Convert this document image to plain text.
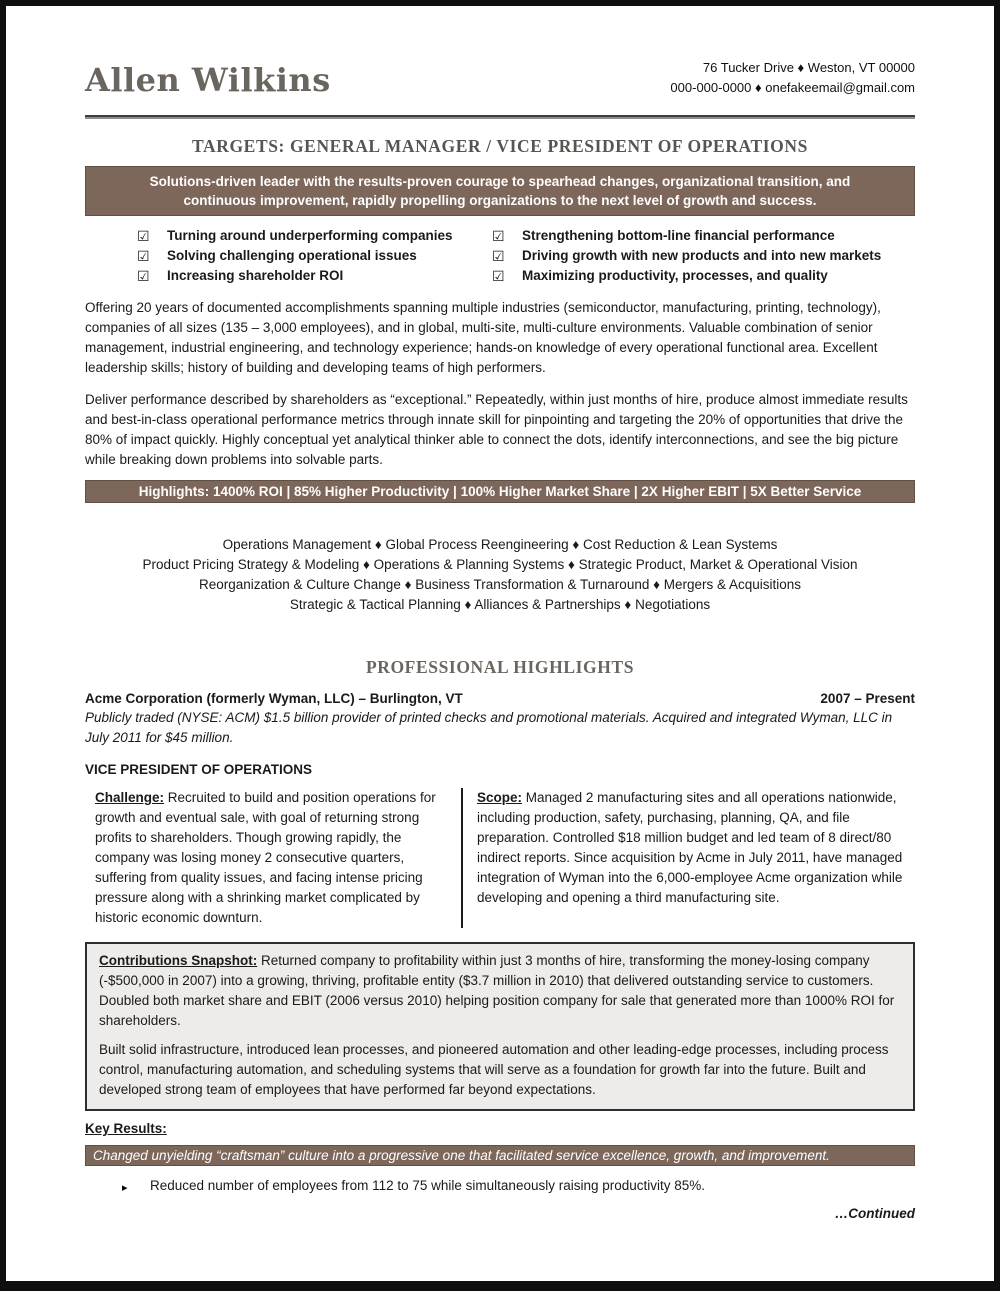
Allen Wilkins	76 Tucker Drive ♦ Weston, VT 00000
000-000-0000 ♦ onefakeemail@gmail.com
TARGETS: GENERAL MANAGER / VICE PRESIDENT OF OPERATIONS
Solutions-driven leader with the results-proven courage to spearhead changes, organizational transition, and continuous improvement, rapidly propelling organizations to the next level of growth and success.
☑	Turning around underperforming companies	☑	Strengthening bottom-line financial performance
☑	Solving challenging operational issues	☑	Driving growth with new products and into new markets
☑	Increasing shareholder ROI	☑	Maximizing productivity, processes, and quality

Offering 20 years of documented accomplishments spanning multiple industries (semiconductor, manufacturing, printing, technology), companies of all sizes (135 – 3,000 employees), and in global, multi-site, multi-culture environments. Valuable combination of senior management, industrial engineering, and technology experience; hands-on knowledge of every operational functional area. Excellent leadership skills; history of building and developing teams of high performers.

Deliver performance described by shareholders as “exceptional.” Repeatedly, within just months of hire, produce almost immediate results and best-in-class operational performance metrics through innate skill for pinpointing and targeting the 20% of opportunities that drive the 80% of impact quickly. Highly conceptual yet analytical thinker able to connect the dots, identify interconnections, and see the big picture while breaking down problems into solvable parts.

Highlights: 1400% ROI | 85% Higher Productivity | 100% Higher Market Share | 2X Higher EBIT | 5X Better Service
Operations Management ♦ Global Process Reengineering ♦ Cost Reduction & Lean Systems
Product Pricing Strategy & Modeling ♦ Operations & Planning Systems ♦ Strategic Product, Market & Operational Vision
Reorganization & Culture Change ♦ Business Transformation & Turnaround ♦ Mergers & Acquisitions
Strategic & Tactical Planning ♦ Alliances & Partnerships ♦ Negotiations
PROFESSIONAL HIGHLIGHTS
Acme Corporation (formerly Wyman, LLC) – Burlington, VT	2007 – Present

Publicly traded (NYSE: ACM) $1.5 billion provider of printed checks and promotional materials. Acquired and integrated Wyman, LLC in July 2011 for $45 million.

VICE PRESIDENT OF OPERATIONS
Challenge: Recruited to build and position operations for growth and eventual sale, with goal of returning strong profits to shareholders. Though growing rapidly, the company was losing money 2 consecutive quarters, suffering from quality issues, and facing intense pricing pressure along with a shrinking market complicated by historic economic downturn.
Scope: Managed 2 manufacturing sites and all operations nationwide, including production, safety, purchasing, planning, QA, and file preparation. Controlled $18 million budget and led team of 8 direct/80 indirect reports. Since acquisition by Acme in July 2011, have managed integration of Wyman into the 6,000-employee Acme organization while developing and opening a third manufacturing site.

Contributions Snapshot: Returned company to profitability within just 3 months of hire, transforming the money-losing company (-$500,000 in 2007) into a growing, thriving, profitable entity ($3.7 million in 2010) that delivered outstanding service to customers. Doubled both market share and EBIT (2006 versus 2010) helping position company for sale that generated more than 1000% ROI for shareholders.

Built solid infrastructure, introduced lean processes, and pioneered automation and other leading-edge processes, including process control, manufacturing automation, and scheduling systems that will serve as a foundation for growth far into the future. Built and developed strong team of employees that have performed far beyond expectations.

Key Results:
Changed unyielding “craftsman” culture into a progressive one that facilitated service excellence, growth, and improvement.
▸	Reduced number of employees from 112 to 75 while simultaneously raising productivity 85%.
…Continued
